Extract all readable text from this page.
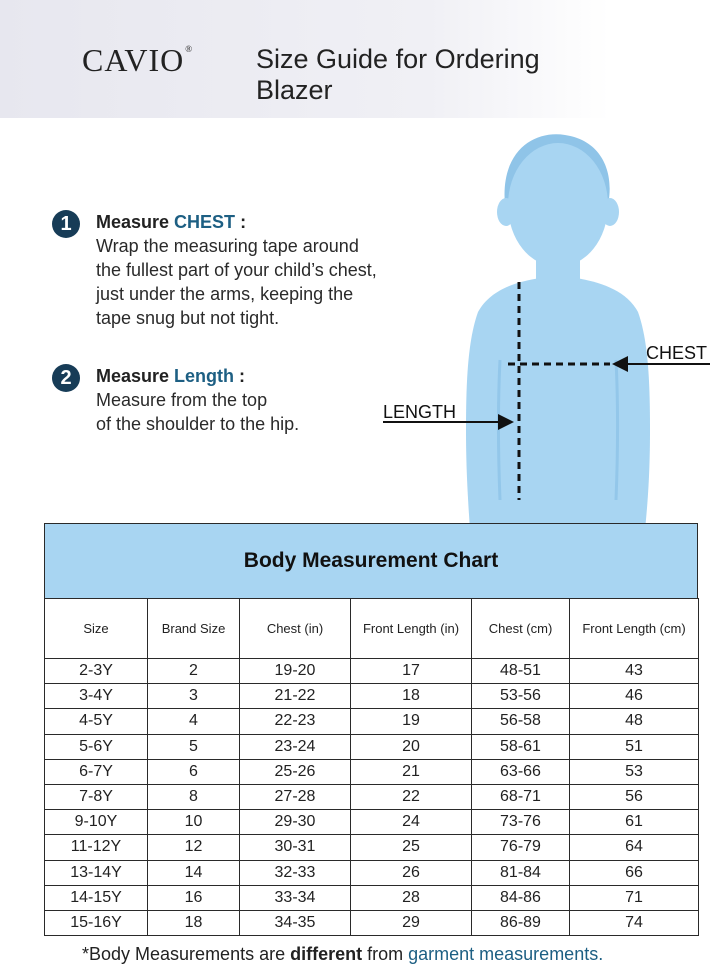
CAVIO® Size Guide for Ordering Blazer
1	Measure CHEST :
Wrap the measuring tape around
the fullest part of your child’s chest,
just under the arms, keeping the
tape snug but not tight.
2	Measure Length :
Measure from the top
of the shoulder to the hip.
CHEST
LENGTH
Body Measurement Chart
Size	Brand Size	Chest (in)	Front Length (in)	Chest (cm)	Front Length (cm)
2-3Y	2	19-20	17	48-51	43
3-4Y	3	21-22	18	53-56	46
4-5Y	4	22-23	19	56-58	48
5-6Y	5	23-24	20	58-61	51
6-7Y	6	25-26	21	63-66	53
7-8Y	8	27-28	22	68-71	56
9-10Y	10	29-30	24	73-76	61
11-12Y	12	30-31	25	76-79	64
13-14Y	14	32-33	26	81-84	66
14-15Y	16	33-34	28	84-86	71
15-16Y	18	34-35	29	86-89	74
*Body Measurements are different from garment measurements.
